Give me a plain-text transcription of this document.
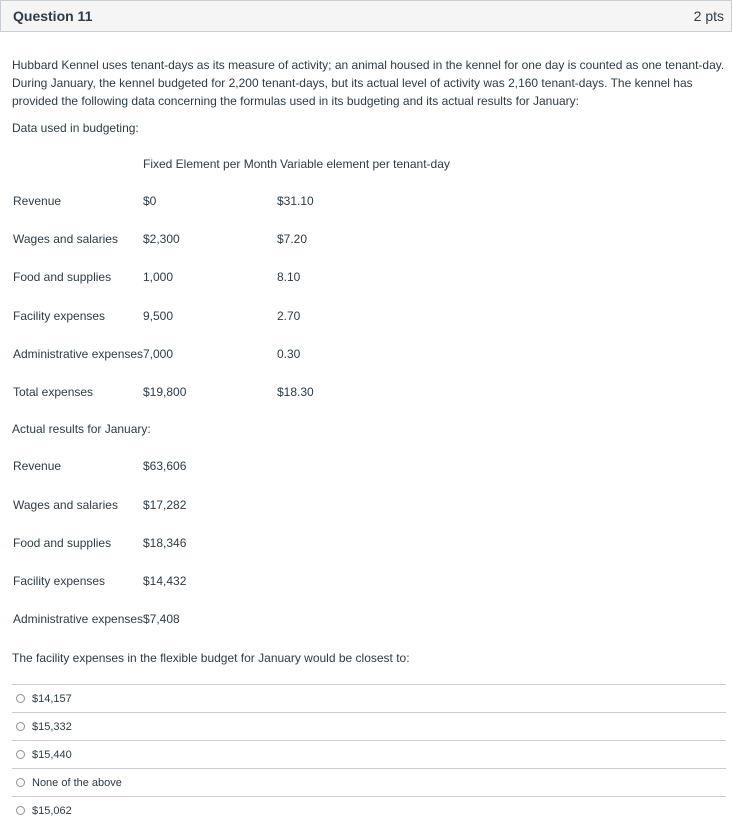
Question 11	2 pts
Hubbard Kennel uses tenant-days as its measure of activity; an animal housed in the kennel for one day is counted as one tenant-day.
During January, the kennel budgeted for 2,200 tenant-days, but its actual level of activity was 2,160 tenant-days. The kennel has
provided the following data concerning the formulas used in its budgeting and its actual results for January:
Data used in budgeting:
Fixed Element per Month Variable element per tenant-day
Revenue	$0	$31.10
Wages and salaries $2,300	$7.20
Food and supplies	1,000	8.10
Facility expenses	9,500	2.70
Administrative expenses 7,000	0.30
Total expenses	$19,800	$18.30
Actual results for January:
Revenue	$63,606
Wages and salaries $17,282
Food and supplies	$18,346
Facility expenses	$14,432
Administrative expenses $7,408
The facility expenses in the flexible budget for January would be closest to:
$14,157
$15,332
$15,440
None of the above
$15,062
